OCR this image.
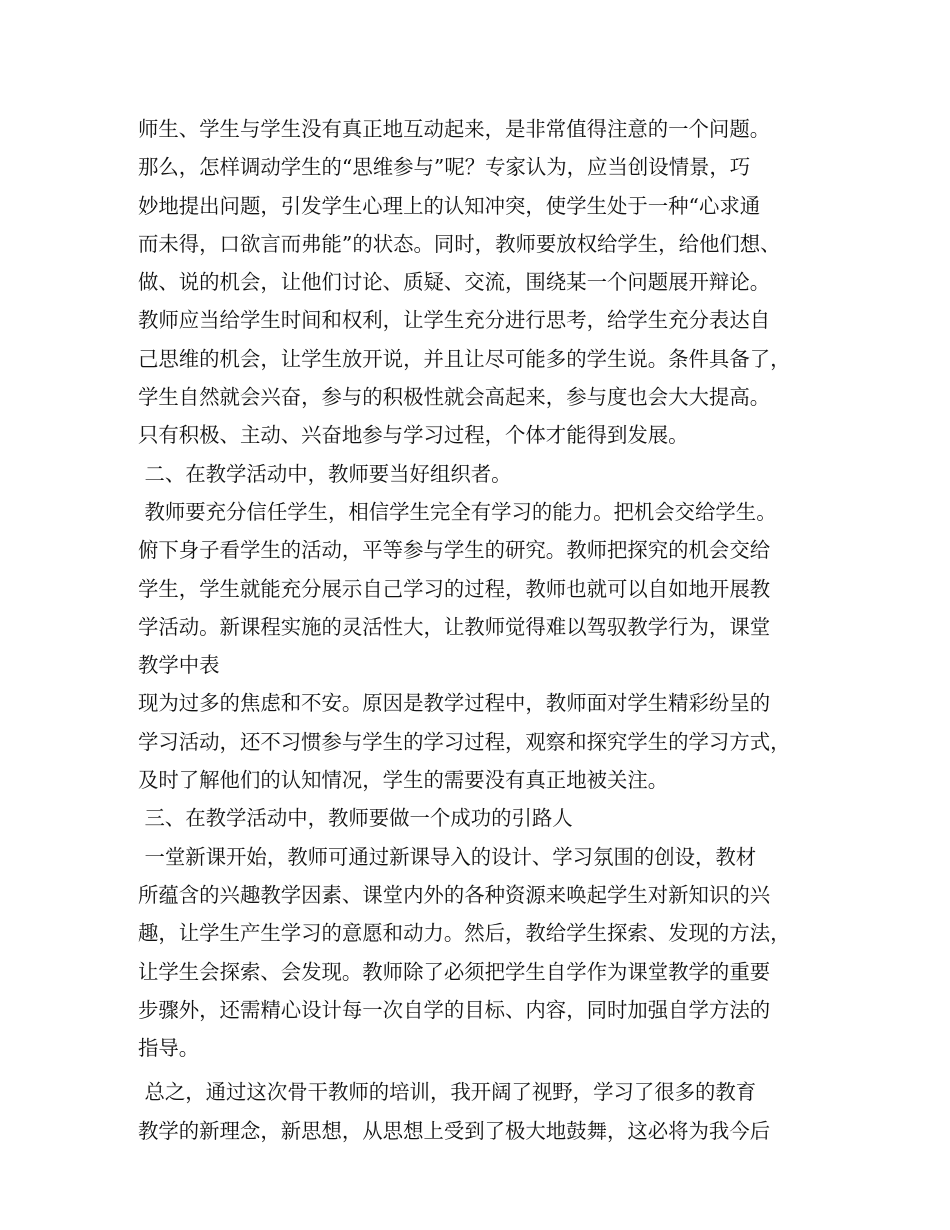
师生、学生与学生没有真正地互动起来，是非常值得注意的一个问题。
那么，怎样调动学生的“思维参与”呢？专家认为，应当创设情景，巧
妙地提出问题，引发学生心理上的认知冲突，使学生处于一种“心求通
而未得，口欲言而弗能”的状态。同时，教师要放权给学生，给他们想、
做、说的机会，让他们讨论、质疑、交流，围绕某一个问题展开辩论。
教师应当给学生时间和权利，让学生充分进行思考，给学生充分表达自
己思维的机会，让学生放开说，并且让尽可能多的学生说。条件具备了，
学生自然就会兴奋，参与的积极性就会高起来，参与度也会大大提高。
只有积极、主动、兴奋地参与学习过程，个体才能得到发展。
二、在教学活动中，教师要当好组织者。
教师要充分信任学生，相信学生完全有学习的能力。把机会交给学生。
俯下身子看学生的活动，平等参与学生的研究。教师把探究的机会交给
学生，学生就能充分展示自己学习的过程，教师也就可以自如地开展教
学活动。新课程实施的灵活性大，让教师觉得难以驾驭教学行为，课堂
教学中表
现为过多的焦虑和不安。原因是教学过程中，教师面对学生精彩纷呈的
学习活动，还不习惯参与学生的学习过程，观察和探究学生的学习方式，
及时了解他们的认知情况，学生的需要没有真正地被关注。
三、在教学活动中，教师要做一个成功的引路人
一堂新课开始，教师可通过新课导入的设计、学习氛围的创设，教材
所蕴含的兴趣教学因素、课堂内外的各种资源来唤起学生对新知识的兴
趣，让学生产生学习的意愿和动力。然后，教给学生探索、发现的方法，
让学生会探索、会发现。教师除了必须把学生自学作为课堂教学的重要
步骤外，还需精心设计每一次自学的目标、内容，同时加强自学方法的
指导。
总之，通过这次骨干教师的培训，我开阔了视野，学习了很多的教育
教学的新理念，新思想，从思想上受到了极大地鼓舞，这必将为我今后
